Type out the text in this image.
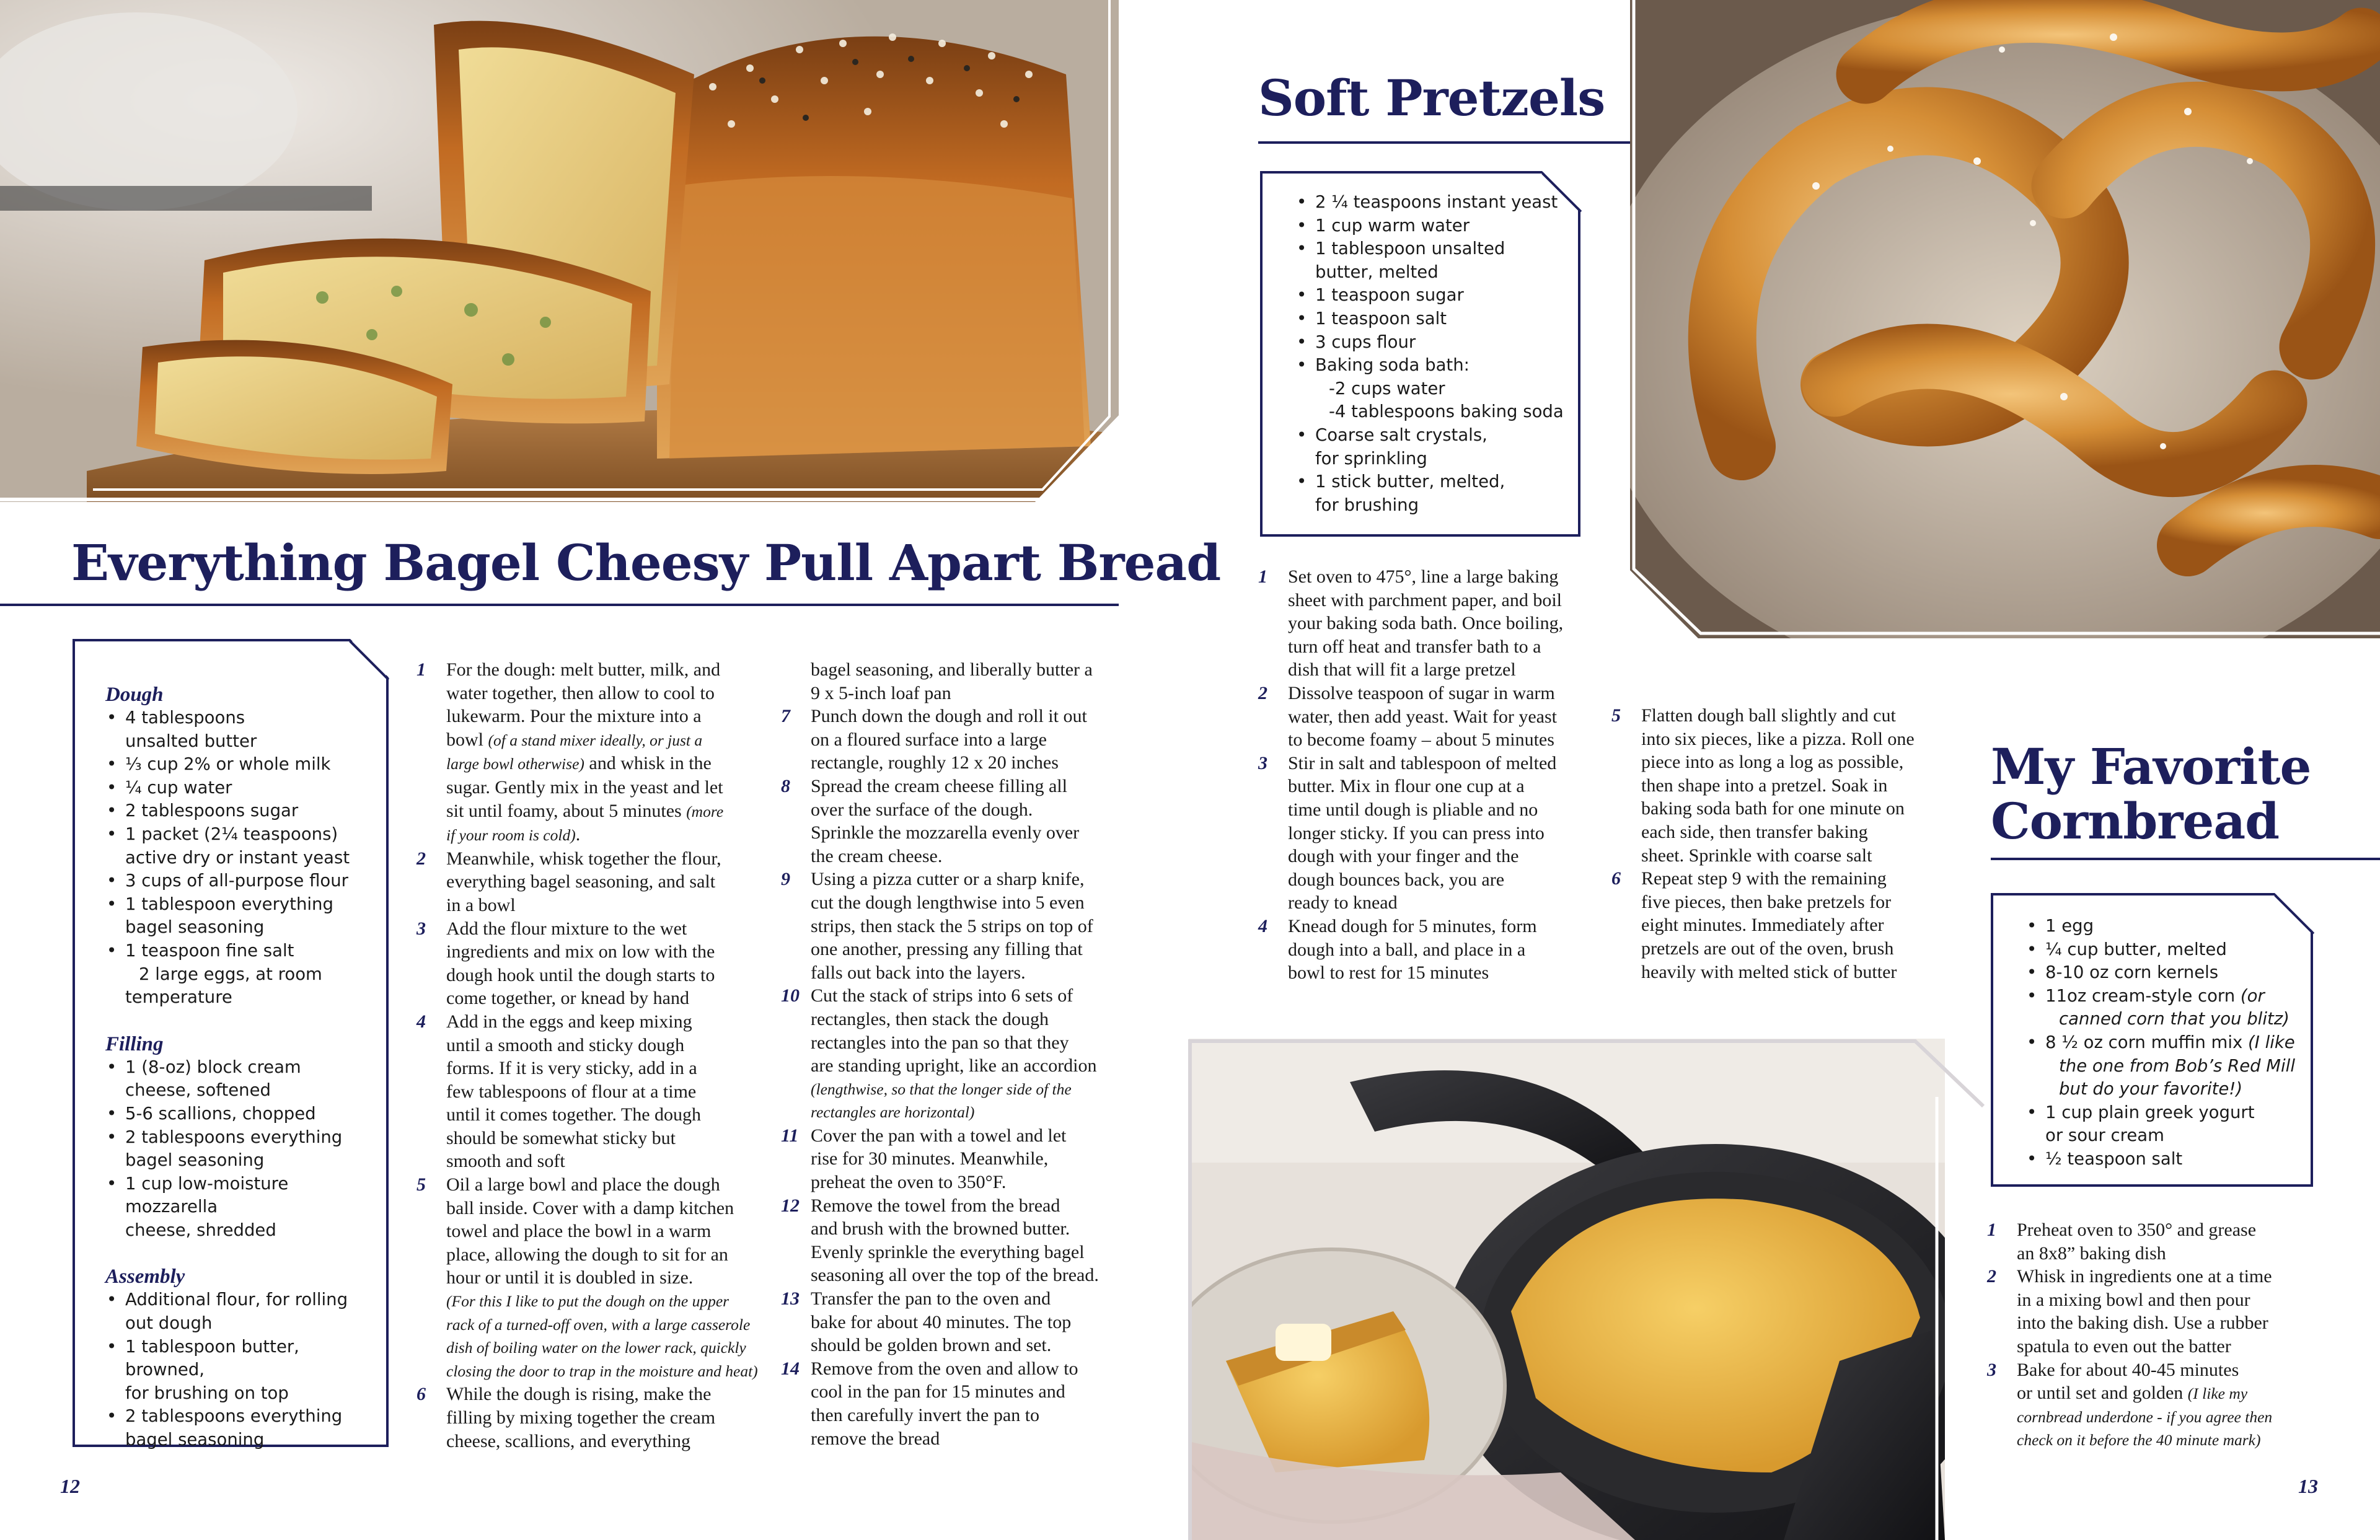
Everything Bagel Cheesy Pull Apart Bread
Dough
• 4 tablespoons
unsalted butter
• ⅓ cup 2% or whole milk
• ¼ cup water
• 2 tablespoons sugar
• 1 packet (2¼ teaspoons)
active dry or instant yeast
• 3 cups of all-purpose flour
• 1 tablespoon everything
bagel seasoning
• 1 teaspoon fine salt
2 large eggs, at room
temperature
Filling
• 1 (8-oz) block cream
cheese, softened
• 5-6 scallions, chopped
• 2 tablespoons everything
bagel seasoning
• 1 cup low-moisture mozzarella
cheese, shredded
Assembly
• Additional flour, for rolling
out dough
• 1 tablespoon butter, browned,
for brushing on top
• 2 tablespoons everything
bagel seasoning
1	For the dough: melt butter, milk, and
water together, then allow to cool to
lukewarm. Pour the mixture into a
bowl (of a stand mixer ideally, or just a
large bowl otherwise) and whisk in the
sugar. Gently mix in the yeast and let
sit until foamy, about 5 minutes (more
if your room is cold).
2	Meanwhile, whisk together the flour,
everything bagel seasoning, and salt
in a bowl
3	Add the flour mixture to the wet
ingredients and mix on low with the
dough hook until the dough starts to
come together, or knead by hand
4	Add in the eggs and keep mixing
until a smooth and sticky dough
forms. If it is very sticky, add in a
few tablespoons of flour at a time
until it comes together. The dough
should be somewhat sticky but
smooth and soft
5	Oil a large bowl and place the dough
ball inside. Cover with a damp kitchen
towel and place the bowl in a warm
place, allowing the dough to sit for an
hour or until it is doubled in size.
(For this I like to put the dough on the upper
rack of a turned-off oven, with a large casserole
dish of boiling water on the lower rack, quickly
closing the door to trap in the moisture and heat)
6	While the dough is rising, make the
filling by mixing together the cream
cheese, scallions, and everything
bagel seasoning, and liberally butter a
9 x 5-inch loaf pan
7	Punch down the dough and roll it out
on a floured surface into a large
rectangle, roughly 12 x 20 inches
8	Spread the cream cheese filling all
over the surface of the dough.
Sprinkle the mozzarella evenly over
the cream cheese.
9	Using a pizza cutter or a sharp knife,
cut the dough lengthwise into 5 even
strips, then stack the 5 strips on top of
one another, pressing any filling that
falls out back into the layers.
10 Cut the stack of strips into 6 sets of
rectangles, then stack the dough
rectangles into the pan so that they
are standing upright, like an accordion
(lengthwise, so that the longer side of the
rectangles are horizontal)
11 Cover the pan with a towel and let
rise for 30 minutes. Meanwhile,
preheat the oven to 350°F.
12 Remove the towel from the bread
and brush with the browned butter.
Evenly sprinkle the everything bagel
seasoning all over the top of the bread.
13 Transfer the pan to the oven and
bake for about 40 minutes. The top
should be golden brown and set.
14 Remove from the oven and allow to
cool in the pan for 15 minutes and
then carefully invert the pan to
remove the bread
12
Soft Pretzels
• 2 ¼ teaspoons instant yeast
• 1 cup warm water
• 1 tablespoon unsalted
butter, melted
• 1 teaspoon sugar
• 1 teaspoon salt
• 3 cups flour
• Baking soda bath:
-2 cups water
-4 tablespoons baking soda
• Coarse salt crystals,
for sprinkling
• 1 stick butter, melted,
for brushing
1	Set oven to 475°, line a large baking
sheet with parchment paper, and boil
your baking soda bath. Once boiling,
turn off heat and transfer bath to a
dish that will fit a large pretzel
2	Dissolve teaspoon of sugar in warm
water, then add yeast. Wait for yeast
to become foamy – about 5 minutes
3	Stir in salt and tablespoon of melted
butter. Mix in flour one cup at a
time until dough is pliable and no
longer sticky. If you can press into
dough with your finger and the
dough bounces back, you are
ready to knead
4	Knead dough for 5 minutes, form
dough into a ball, and place in a
bowl to rest for 15 minutes
5	Flatten dough ball slightly and cut
into six pieces, like a pizza. Roll one
piece into as long a log as possible,
then shape into a pretzel. Soak in
baking soda bath for one minute on
each side, then transfer baking
sheet. Sprinkle with coarse salt
6	Repeat step 9 with the remaining
five pieces, then bake pretzels for
eight minutes. Immediately after
pretzels are out of the oven, brush
heavily with melted stick of butter
My Favorite
Cornbread
• 1 egg
• ¼ cup butter, melted
• 8-10 oz corn kernels
• 11oz cream-style corn (or
canned corn that you blitz)
• 8 ½ oz corn muffin mix (I like
the one from Bob’s Red Mill
but do your favorite!)
• 1 cup plain greek yogurt
or sour cream
• ½ teaspoon salt
1	Preheat oven to 350° and grease
an 8x8” baking dish
2	Whisk in ingredients one at a time
in a mixing bowl and then pour
into the baking dish. Use a rubber
spatula to even out the batter
3	Bake for about 40-45 minutes
or until set and golden (I like my
cornbread underdone - if you agree then
check on it before the 40 minute mark)
13
